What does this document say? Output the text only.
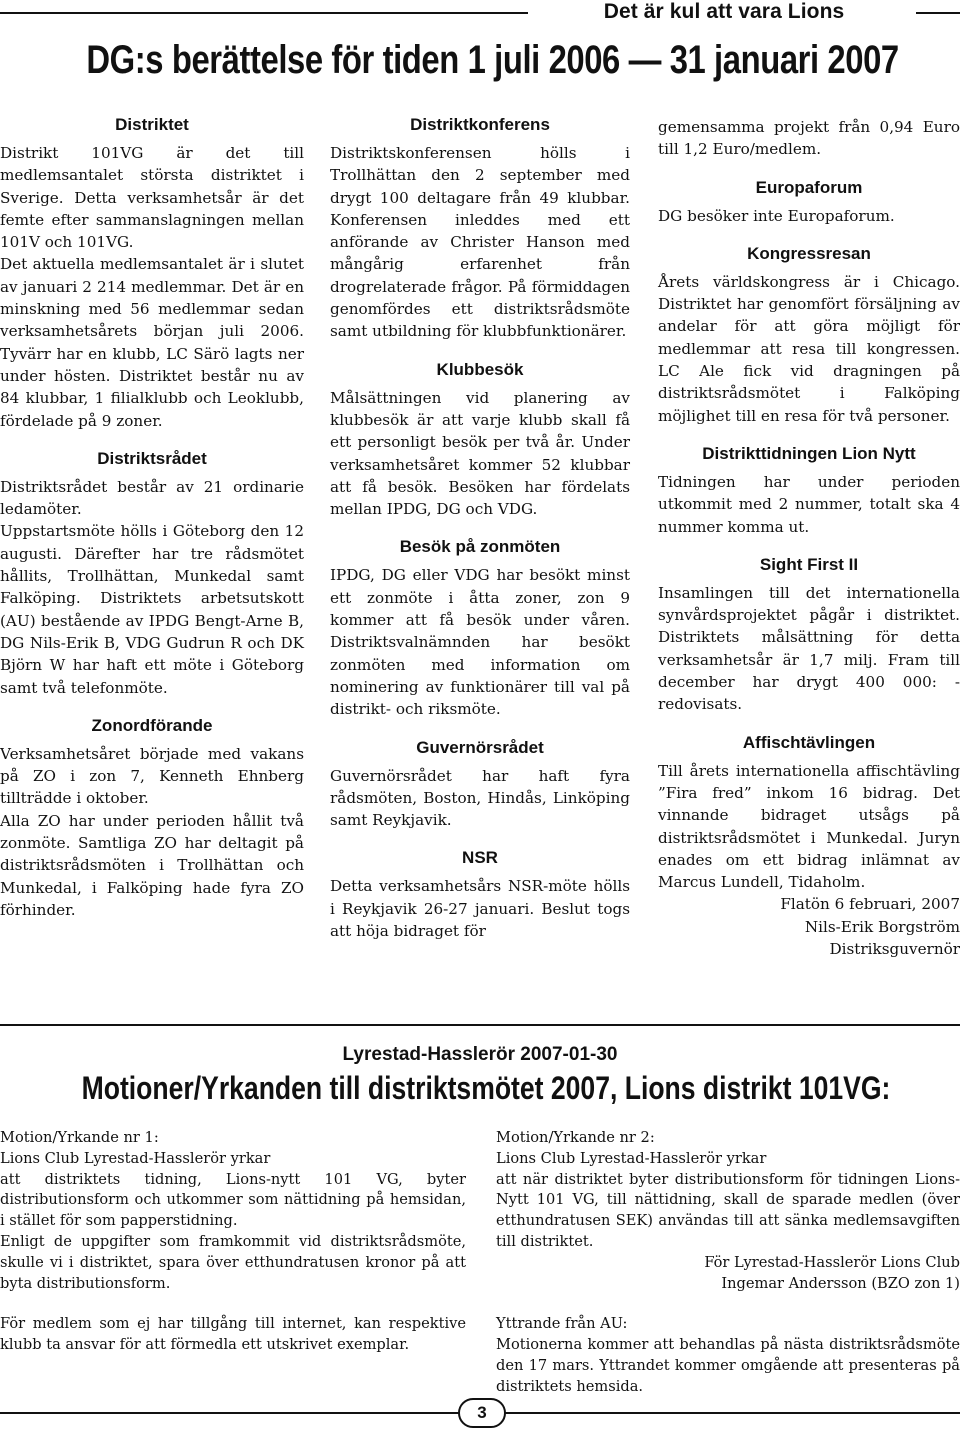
Det är kul att vara Lions
DG:s berättelse för tiden 1 juli 2006 — 31 januari 2007
Distriktet
Distrikt 101VG är det till medlemsantalet största distriktet i Sverige. Detta verksamhetsår är det femte efter sammanslagningen mellan 101V och 101VG.
Det aktuella medlemsantalet är i slutet av januari 2 214 medlemmar. Det är en minskning med 56 medlemmar sedan verksamhetsårets början juli 2006. Tyvärr har en klubb, LC Särö lagts ner under hösten. Distriktet består nu av 84 klubbar, 1 filialklubb och Leoklubb, fördelade på 9 zoner.
Distriktsrådet
Distriktsrådet består av 21 ordinarie ledamöter.
Uppstartsmöte hölls i Göteborg den 12 augusti. Därefter har tre rådsmötet hållits, Trollhättan, Munkedal samt Falköping. Distriktets arbetsutskott (AU) bestående av IPDG Bengt-Arne B, DG Nils-Erik B, VDG Gudrun R och DK Björn W har haft ett möte i Göteborg samt två telefonmöte.
Zonordförande
Verksamhetsåret började med vakans på ZO i zon 7, Kenneth Ehnberg tillträdde i oktober.
Alla ZO har under perioden hållit två zonmöte. Samtliga ZO har deltagit på distriktsrådsmöten i Trollhättan och Munkedal, i Falköping hade fyra ZO förhinder.
Distriktkonferens
Distriktskonferensen hölls i Trollhättan den 2 september med drygt 100 deltagare från 49 klubbar. Konferensen inleddes med ett anförande av Christer Hanson med mångårig erfarenhet från drogrelaterade frågor. På förmiddagen genomfördes ett distriktsrådsmöte samt utbildning för klubbfunktionärer.
Klubbesök
Målsättningen vid planering av klubbesök är att varje klubb skall få ett personligt besök per två år. Under verksamhetsåret kommer 52 klubbar att få besök. Besöken har fördelats mellan IPDG, DG och VDG.
Besök på zonmöten
IPDG, DG eller VDG har besökt minst ett zonmöte i åtta zoner, zon 9 kommer att få besök under våren. Distriktsvalnämnden har besökt zonmöten med information om nominering av funktionärer till val på distrikt- och riksmöte.
Guvernörsrådet
Guvernörsrådet har haft fyra rådsmöten, Boston, Hindås, Linköping samt Reykjavik.
NSR
Detta verksamhetsårs NSR-möte hölls i Reykjavik 26-27 januari. Beslut togs att höja bidraget för
gemensamma projekt från 0,94 Euro till 1,2 Euro/medlem.
Europaforum
DG besöker inte Europaforum.
Kongressresan
Årets världskongress är i Chicago. Distriktet har genomfört försäljning av andelar för att göra möjligt för medlemmar att resa till kongressen. LC Ale fick vid dragningen på distriktsrådsmötet i Falköping möjlighet till en resa för två personer.
Distrikttidningen Lion Nytt
Tidningen har under perioden utkommit med 2 nummer, totalt ska 4 nummer komma ut.
Sight First II
Insamlingen till det internationella synvårdsprojektet pågår i distriktet. Distriktets målsättning för detta verksamhetsår är 1,7 milj. Fram till december har drygt 400 000: - redovisats.
Affischtävlingen
Till årets internationella affischtävling ”Fira fred” inkom 16 bidrag. Det vinnande bidraget utsågs på distriktsrådsmötet i Munkedal. Juryn enades om ett bidrag inlämnat av Marcus Lundell, Tidaholm.
Flatön 6 februari, 2007
Nils-Erik Borgström
Distriksguvernör
Lyrestad-Hasslerör 2007-01-30
Motioner/Yrkanden till distriktsmötet 2007, Lions distrikt 101VG:
Motion/Yrkande nr 1:
Lions Club Lyrestad-Hasslerör yrkar
att distriktets tidning, Lions-nytt 101 VG, byter distributionsform och utkommer som nättidning på hemsidan, i stället för som papperstidning.
Enligt de uppgifter som framkommit vid distriktsrådsmöte, skulle vi i distriktet, spara över etthundratusen kronor på att byta distributionsform.
För medlem som ej har tillgång till internet, kan respektive klubb ta ansvar för att förmedla ett utskrivet exemplar.
Motion/Yrkande nr 2:
Lions Club Lyrestad-Hasslerör yrkar
att när distriktet byter distributionsform för tidningen Lions-Nytt 101 VG, till nättidning, skall de sparade medlen (över etthundratusen SEK) användas till att sänka medlemsavgiften till distriktet.
För Lyrestad-Hasslerör Lions Club
Ingemar Andersson (BZO zon 1)
Yttrande från AU:
Motionerna kommer att behandlas på nästa distriktsrådsmöte den 17 mars. Yttrandet kommer omgående att presenteras på distriktets hemsida.
3
